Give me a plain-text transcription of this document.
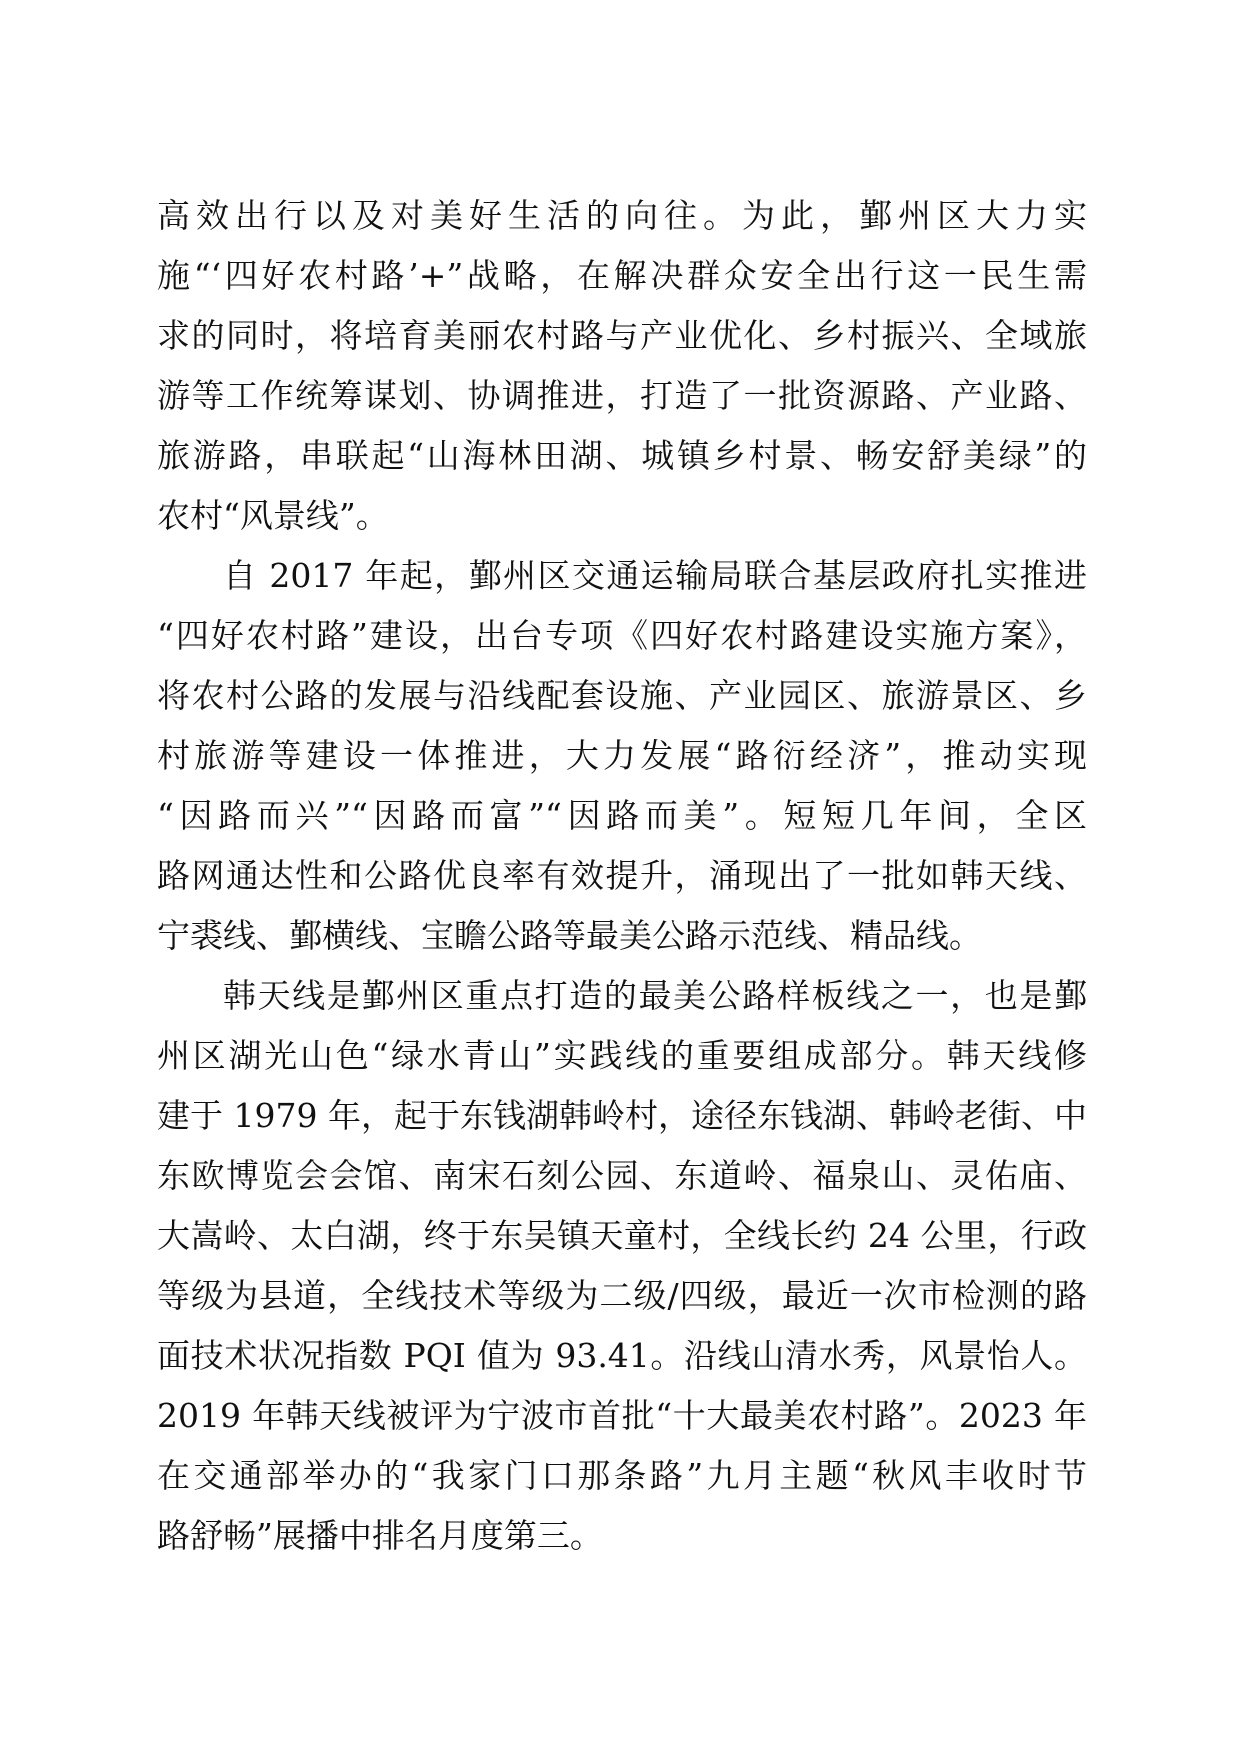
高效出行以及对美好生活的向往。为此，鄞州区大力实
施“‘四好农村路’+”战略，在解决群众安全出行这一民生需
求的同时，将培育美丽农村路与产业优化、乡村振兴、全域旅
游等工作统筹谋划、协调推进，打造了一批资源路、产业路、
旅游路，串联起“山海林田湖、城镇乡村景、畅安舒美绿”的
农村“风景线”。
自 2017 年起，鄞州区交通运输局联合基层政府扎实推进
“四好农村路”建设，出台专项《四好农村路建设实施方案》，
将农村公路的发展与沿线配套设施、产业园区、旅游景区、乡
村旅游等建设一体推进，大力发展“路衍经济”，推动实现
“因路而兴”“因路而富”“因路而美”。短短几年间，全区
路网通达性和公路优良率有效提升，涌现出了一批如韩天线、
宁裘线、鄞横线、宝瞻公路等最美公路示范线、精品线。
韩天线是鄞州区重点打造的最美公路样板线之一，也是鄞
州区湖光山色“绿水青山”实践线的重要组成部分。韩天线修
建于 1979 年，起于东钱湖韩岭村，途径东钱湖、韩岭老街、中
东欧博览会会馆、南宋石刻公园、东道岭、福泉山、灵佑庙、
大嵩岭、太白湖，终于东吴镇天童村，全线长约 24 公里，行政
等级为县道，全线技术等级为二级/四级，最近一次市检测的路
面技术状况指数 PQI 值为 93.41。沿线山清水秀，风景怡人。
2019 年韩天线被评为宁波市首批“十大最美农村路”。2023 年
在交通部举办的“我家门口那条路”九月主题“秋风丰收时节
路舒畅”展播中排名月度第三。
